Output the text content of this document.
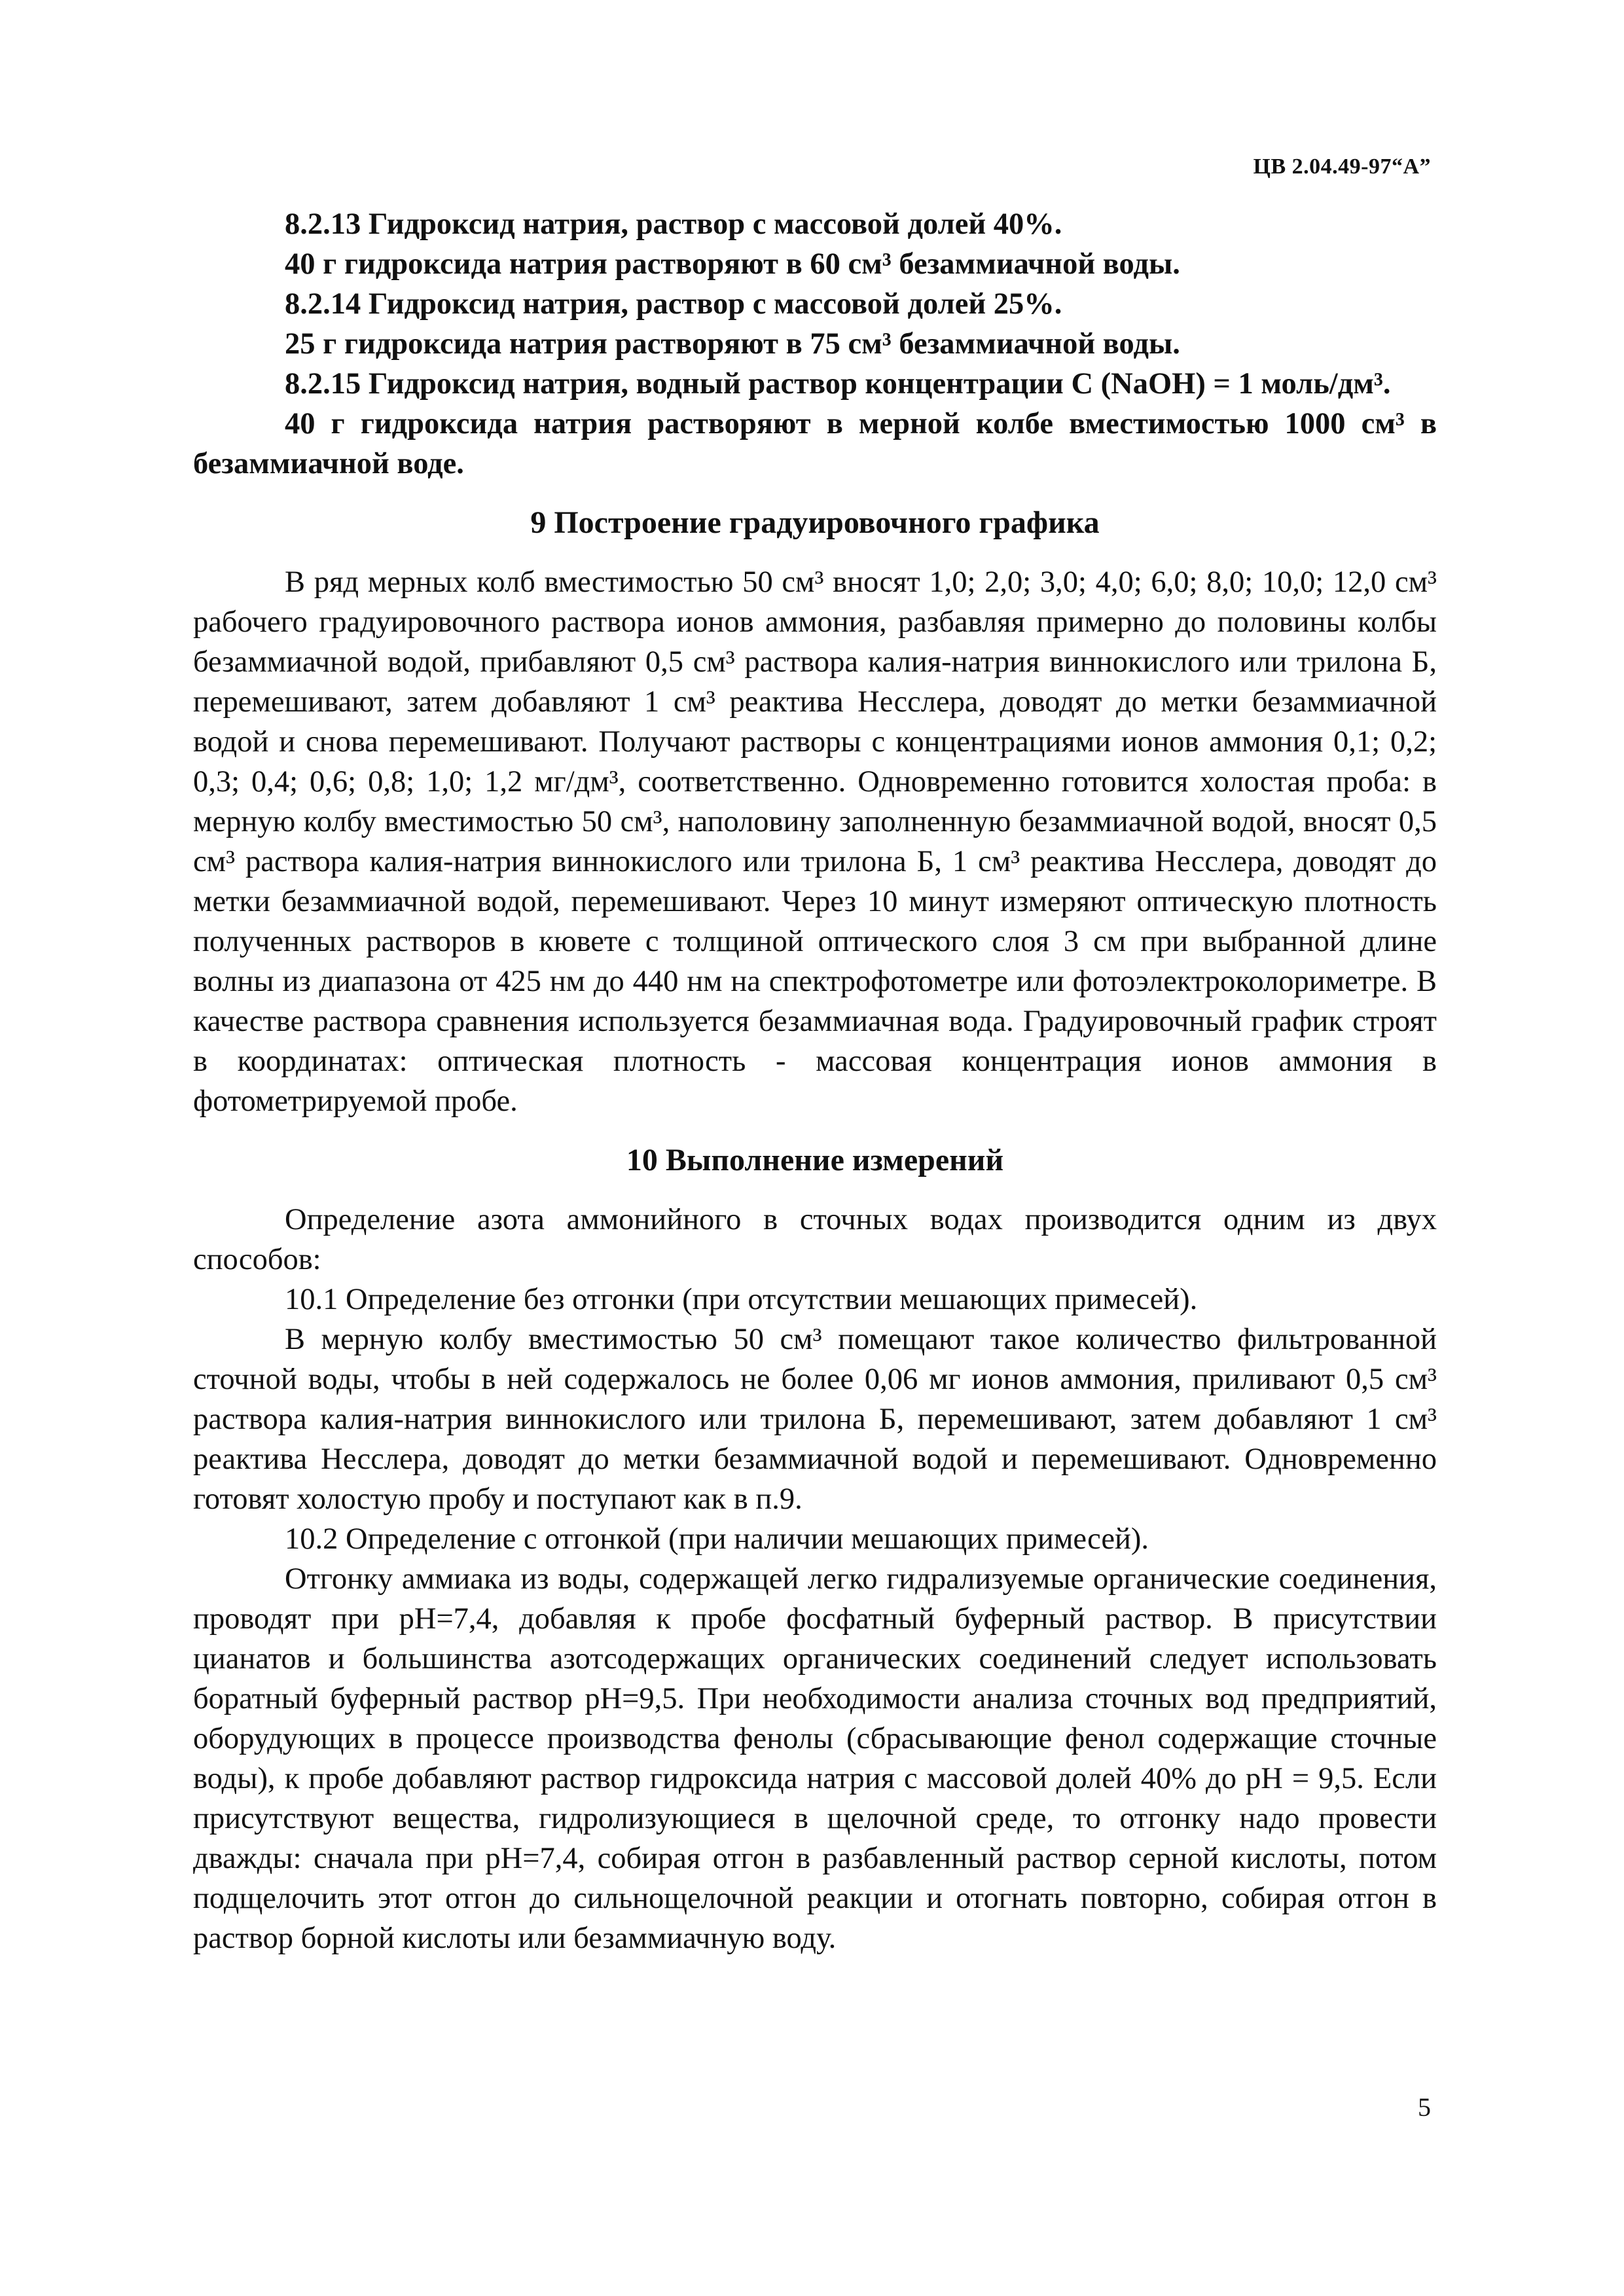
ЦВ 2.04.49-97“А”

8.2.13 Гидроксид натрия, раствор с массовой долей 40%.

40 г гидроксида натрия растворяют в 60 см³ безаммиачной воды.

8.2.14 Гидроксид натрия, раствор с массовой долей 25%.

25 г гидроксида натрия растворяют в 75 см³ безаммиачной воды.

8.2.15 Гидроксид натрия, водный раствор концентрации С (NaOH) = 1 моль/дм³.

40 г гидроксида натрия растворяют в мерной колбе вместимостью 1000 см³ в безаммиачной воде.

9 Построение градуировочного графика

В ряд мерных колб вместимостью 50 см³ вносят 1,0; 2,0; 3,0; 4,0; 6,0; 8,0; 10,0; 12,0 см³ рабочего градуировочного раствора ионов аммония, разбавляя примерно до половины колбы безаммиачной водой, прибавляют 0,5 см³ раствора калия-натрия виннокислого или трилона Б, перемешивают, затем добавляют 1 см³ реактива Несслера, доводят до метки безаммиачной водой и снова перемешивают. Получают растворы с концентрациями ионов аммония 0,1; 0,2; 0,3; 0,4; 0,6; 0,8; 1,0; 1,2 мг/дм³, соответственно. Одновременно готовится холостая проба: в мерную колбу вместимостью 50 см³, наполовину заполненную безаммиачной водой, вносят 0,5 см³ раствора калия-натрия виннокислого или трилона Б, 1 см³ реактива Несслера, доводят до метки безаммиачной водой, перемешивают. Через 10 минут измеряют оптическую плотность полученных растворов в кювете с толщиной оптического слоя 3 см при выбранной длине волны из диапазона от 425 нм до 440 нм на спектрофотометре или фотоэлектроколориметре. В качестве раствора сравнения используется безаммиачная вода. Градуировочный график строят в координатах: оптическая плотность - массовая концентрация ионов аммония в фотометрируемой пробе.

10 Выполнение измерений

Определение азота аммонийного в сточных водах производится одним из двух способов:

10.1 Определение без отгонки (при отсутствии мешающих примесей).

В мерную колбу вместимостью 50 см³ помещают такое количество фильтрованной сточной воды, чтобы в ней содержалось не более 0,06 мг ионов аммония, приливают 0,5 см³ раствора калия-натрия виннокислого или трилона Б, перемешивают, затем добавляют 1 см³ реактива Несслера, доводят до метки безаммиачной водой и перемешивают. Одновременно готовят холостую пробу и поступают как в п.9.

10.2 Определение с отгонкой (при наличии мешающих примесей).

Отгонку аммиака из воды, содержащей легко гидрализуемые органические соединения, проводят при pH=7,4, добавляя к пробе фосфатный буферный раствор. В присутствии цианатов и большинства азотсодержащих органических соединений следует использовать боратный буферный раствор pH=9,5. При необходимости анализа сточных вод предприятий, оборудующих в процессе производства фенолы (сбрасывающие фенол содержащие сточные воды), к пробе добавляют раствор гидроксида натрия с массовой долей 40% до pH = 9,5. Если присутствуют вещества, гидролизующиеся в щелочной среде, то отгонку надо провести дважды: сначала при pH=7,4, собирая отгон в разбавленный раствор серной кислоты, потом подщелочить этот отгон до сильнощелочной реакции и отогнать повторно, собирая отгон в раствор борной кислоты или безаммиачную воду.

5
